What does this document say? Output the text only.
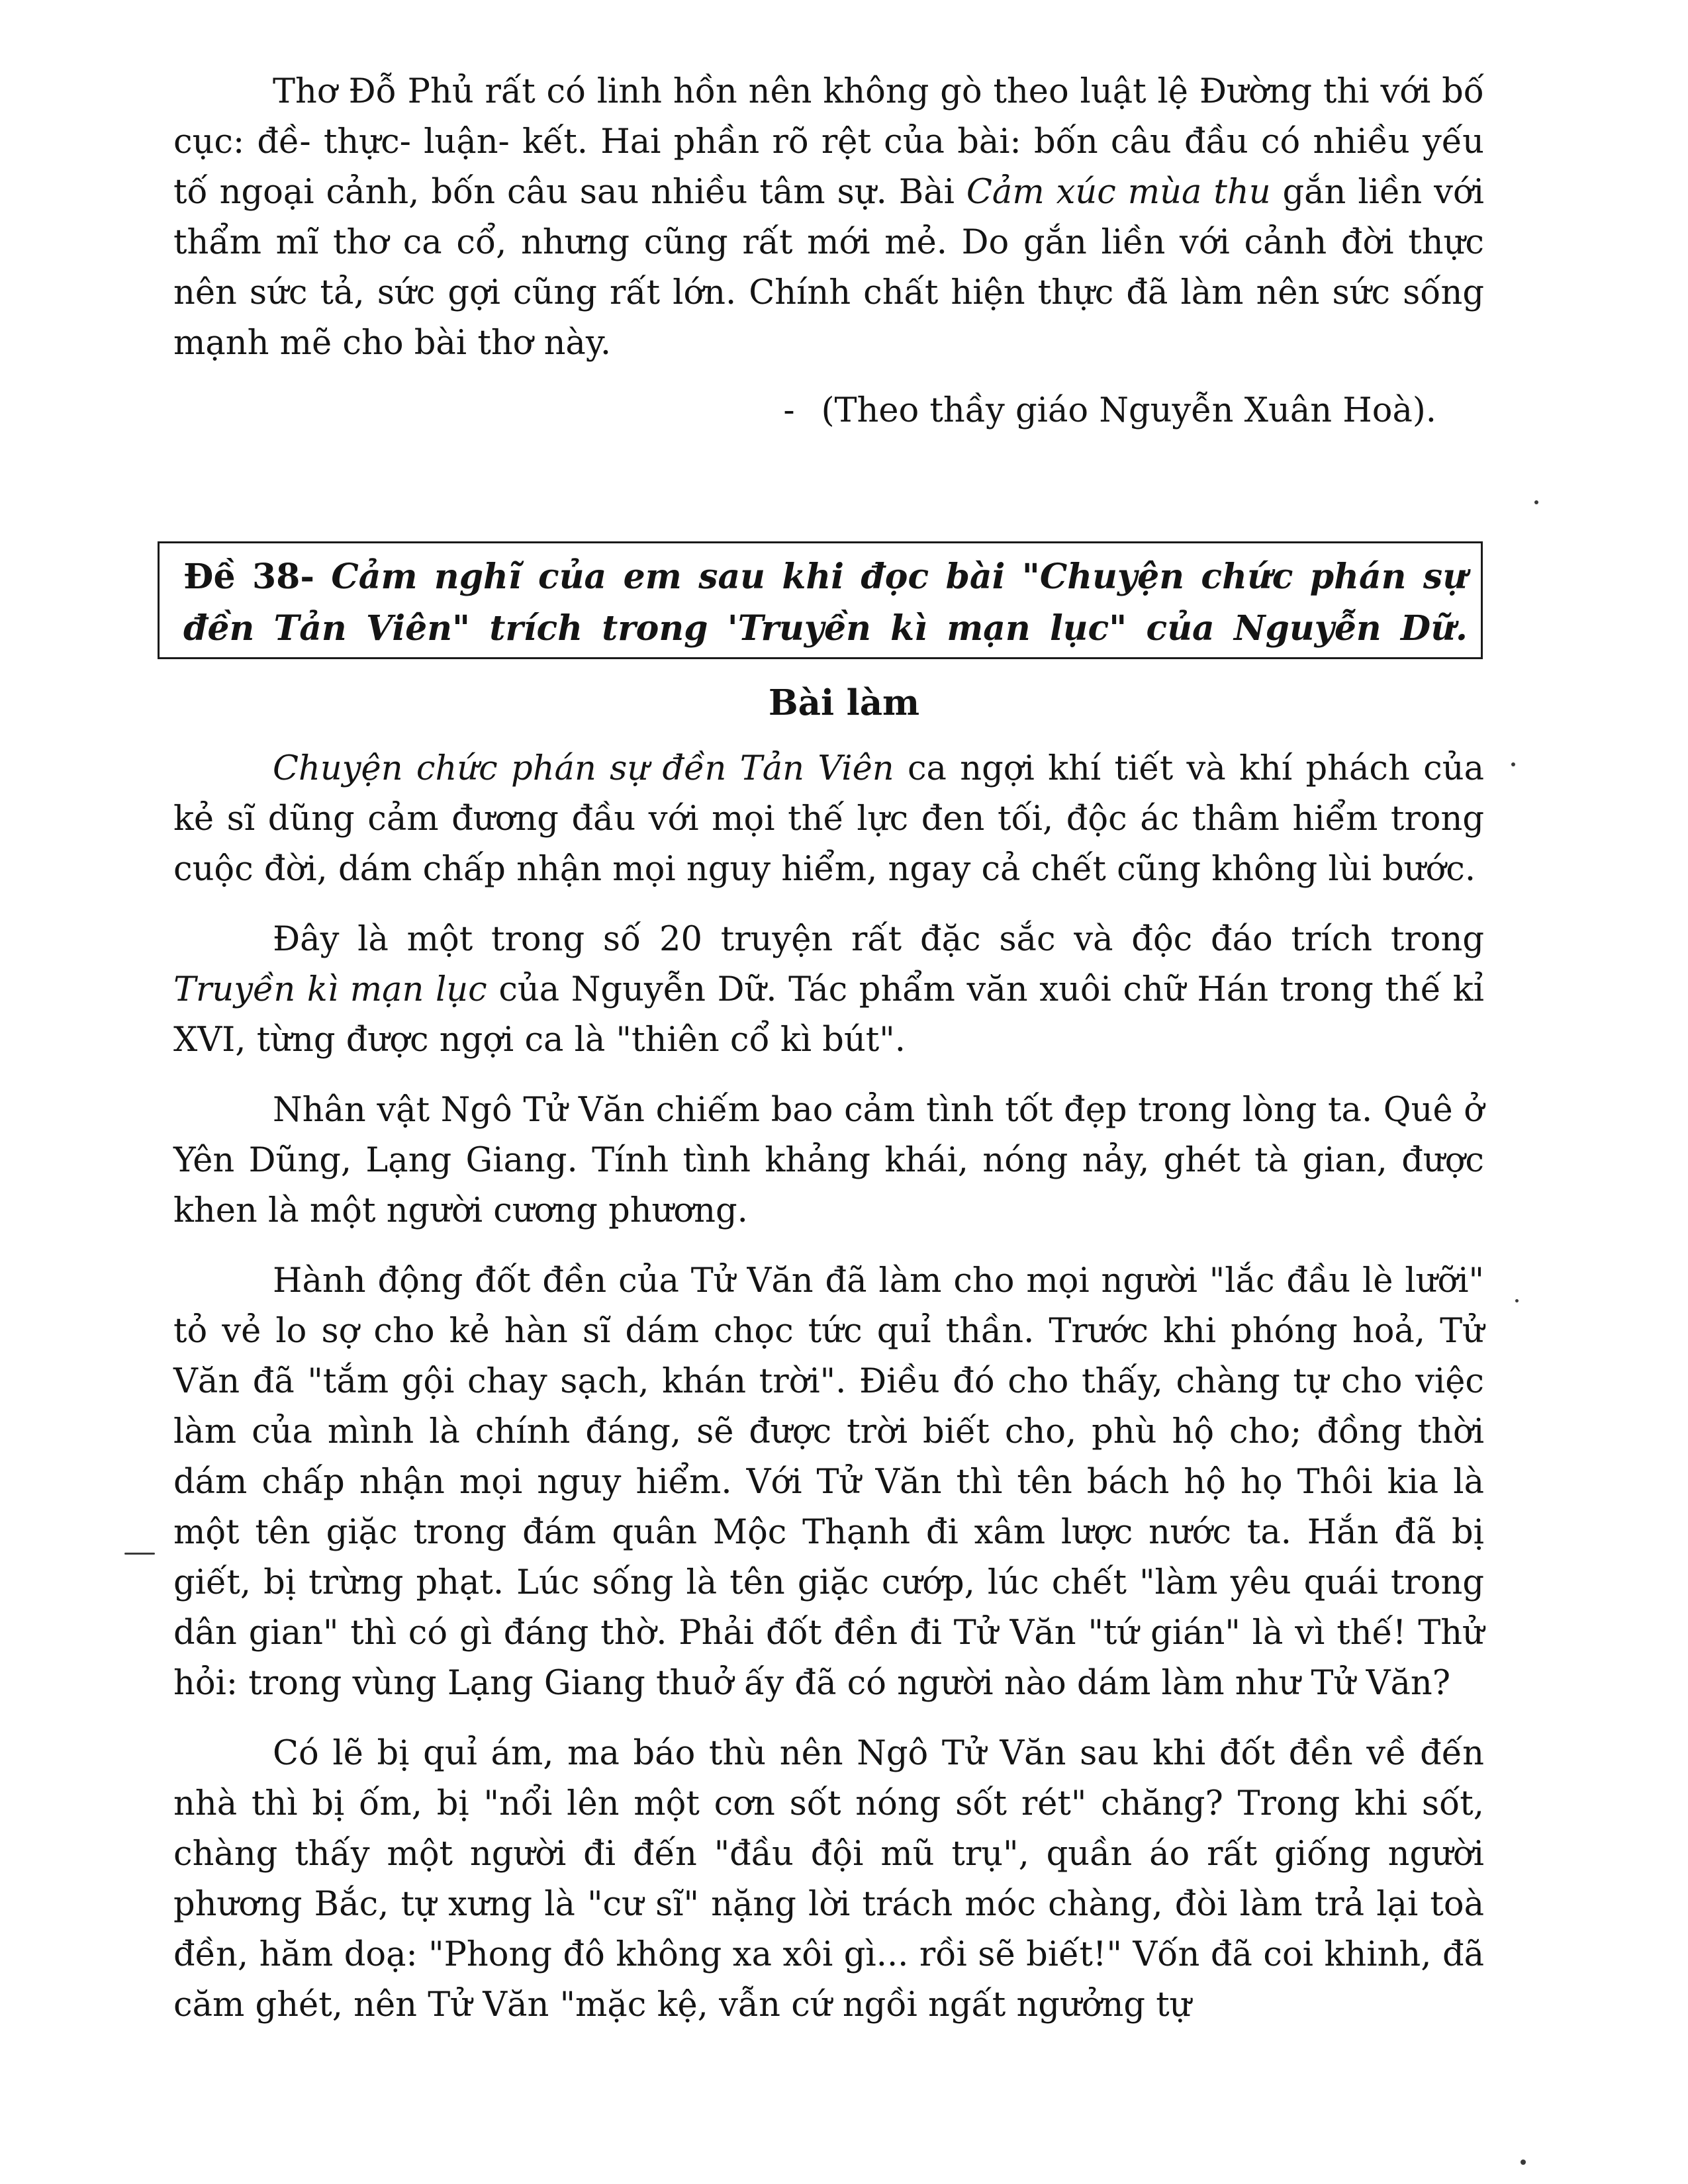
Thơ Đỗ Phủ rất có linh hồn nên không gò theo luật lệ Đường thi với bố cục: đề- thực- luận- kết. Hai phần rõ rệt của bài: bốn câu đầu có nhiều yếu tố ngoại cảnh, bốn câu sau nhiều tâm sự. Bài Cảm xúc mùa thu gắn liền với thẩm mĩ thơ ca cổ, nhưng cũng rất mới mẻ. Do gắn liền với cảnh đời thực nên sức tả, sức gợi cũng rất lớn. Chính chất hiện thực đã làm nên sức sống mạnh mẽ cho bài thơ này.

- (Theo thầy giáo Nguyễn Xuân Hoà).

Đề 38- Cảm nghĩ của em sau khi đọc bài "Chuyện chức phán sự đền Tản Viên" trích trong 'Truyền kì mạn lục" của Nguyễn Dữ.

Bài làm

Chuyện chức phán sự đền Tản Viên ca ngợi khí tiết và khí phách của kẻ sĩ dũng cảm đương đầu với mọi thế lực đen tối, độc ác thâm hiểm trong cuộc đời, dám chấp nhận mọi nguy hiểm, ngay cả chết cũng không lùi bước.

Đây là một trong số 20 truyện rất đặc sắc và độc đáo trích trong Truyền kì mạn lục của Nguyễn Dữ. Tác phẩm văn xuôi chữ Hán trong thế kỉ XVI, từng được ngợi ca là "thiên cổ kì bút".

Nhân vật Ngô Tử Văn chiếm bao cảm tình tốt đẹp trong lòng ta. Quê ở Yên Dũng, Lạng Giang. Tính tình khảng khái, nóng nảy, ghét tà gian, được khen là một người cương phương.

Hành động đốt đền của Tử Văn đã làm cho mọi người "lắc đầu lè lưỡi" tỏ vẻ lo sợ cho kẻ hàn sĩ dám chọc tức quỉ thần. Trước khi phóng hoả, Tử Văn đã "tắm gội chay sạch, khán trời". Điều đó cho thấy, chàng tự cho việc làm của mình là chính đáng, sẽ được trời biết cho, phù hộ cho; đồng thời dám chấp nhận mọi nguy hiểm. Với Tử Văn thì tên bách hộ họ Thôi kia là một tên giặc trong đám quân Mộc Thạnh đi xâm lược nước ta. Hắn đã bị giết, bị trừng phạt. Lúc sống là tên giặc cướp, lúc chết "làm yêu quái trong dân gian" thì có gì đáng thờ. Phải đốt đền đi Tử Văn "tứ gián" là vì thế! Thử hỏi: trong vùng Lạng Giang thuở ấy đã có người nào dám làm như Tử Văn?

Có lẽ bị quỉ ám, ma báo thù nên Ngô Tử Văn sau khi đốt đền về đến nhà thì bị ốm, bị "nổi lên một cơn sốt nóng sốt rét" chăng? Trong khi sốt, chàng thấy một người đi đến "đầu đội mũ trụ", quần áo rất giống người phương Bắc, tự xưng là "cư sĩ" nặng lời trách móc chàng, đòi làm trả lại toà đền, hăm doạ: "Phong đô không xa xôi gì... rồi sẽ biết!" Vốn đã coi khinh, đã căm ghét, nên Tử Văn "mặc kệ, vẫn cứ ngồi ngất ngưởng tự
